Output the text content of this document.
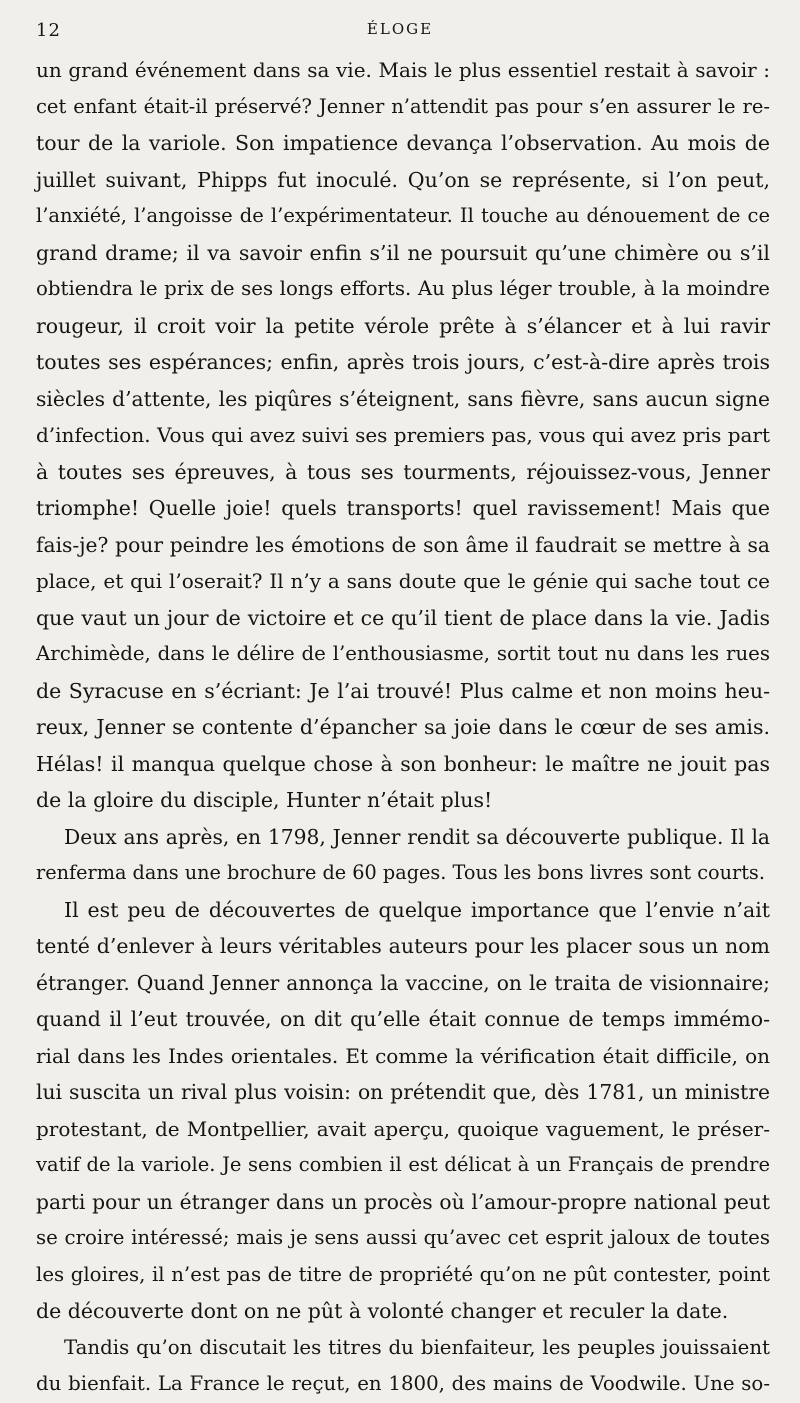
12	ÉLOGE
un grand événement dans sa vie. Mais le plus essentiel restait à savoir :
cet enfant était-il préservé? Jenner n’attendit pas pour s’en assurer le re-
tour de la variole. Son impatience devança l’observation. Au mois de
juillet suivant, Phipps fut inoculé. Qu’on se représente, si l’on peut,
l’anxiété, l’angoisse de l’expérimentateur. Il touche au dénouement de ce
grand drame; il va savoir enfin s’il ne poursuit qu’une chimère ou s’il
obtiendra le prix de ses longs efforts. Au plus léger trouble, à la moindre
rougeur, il croit voir la petite vérole prête à s’élancer et à lui ravir
toutes ses espérances; enfin, après trois jours, c’est-à-dire après trois
siècles d’attente, les piqûres s’éteignent, sans fièvre, sans aucun signe
d’infection. Vous qui avez suivi ses premiers pas, vous qui avez pris part
à toutes ses épreuves, à tous ses tourments, réjouissez-vous, Jenner
triomphe! Quelle joie! quels transports! quel ravissement! Mais que
fais-je? pour peindre les émotions de son âme il faudrait se mettre à sa
place, et qui l’oserait? Il n’y a sans doute que le génie qui sache tout ce
que vaut un jour de victoire et ce qu’il tient de place dans la vie. Jadis
Archimède, dans le délire de l’enthousiasme, sortit tout nu dans les rues
de Syracuse en s’écriant: Je l’ai trouvé! Plus calme et non moins heu-
reux, Jenner se contente d’épancher sa joie dans le cœur de ses amis.
Hélas! il manqua quelque chose à son bonheur: le maître ne jouit pas
de la gloire du disciple, Hunter n’était plus!
Deux ans après, en 1798, Jenner rendit sa découverte publique. Il la
renferma dans une brochure de 60 pages. Tous les bons livres sont courts.
Il est peu de découvertes de quelque importance que l’envie n’ait
tenté d’enlever à leurs véritables auteurs pour les placer sous un nom
étranger. Quand Jenner annonça la vaccine, on le traita de visionnaire;
quand il l’eut trouvée, on dit qu’elle était connue de temps immémo-
rial dans les Indes orientales. Et comme la vérification était difficile, on
lui suscita un rival plus voisin: on prétendit que, dès 1781, un ministre
protestant, de Montpellier, avait aperçu, quoique vaguement, le préser-
vatif de la variole. Je sens combien il est délicat à un Français de prendre
parti pour un étranger dans un procès où l’amour-propre national peut
se croire intéressé; mais je sens aussi qu’avec cet esprit jaloux de toutes
les gloires, il n’est pas de titre de propriété qu’on ne pût contester, point
de découverte dont on ne pût à volonté changer et reculer la date.
Tandis qu’on discutait les titres du bienfaiteur, les peuples jouissaient
du bienfait. La France le reçut, en 1800, des mains de Voodwile. Une so-
